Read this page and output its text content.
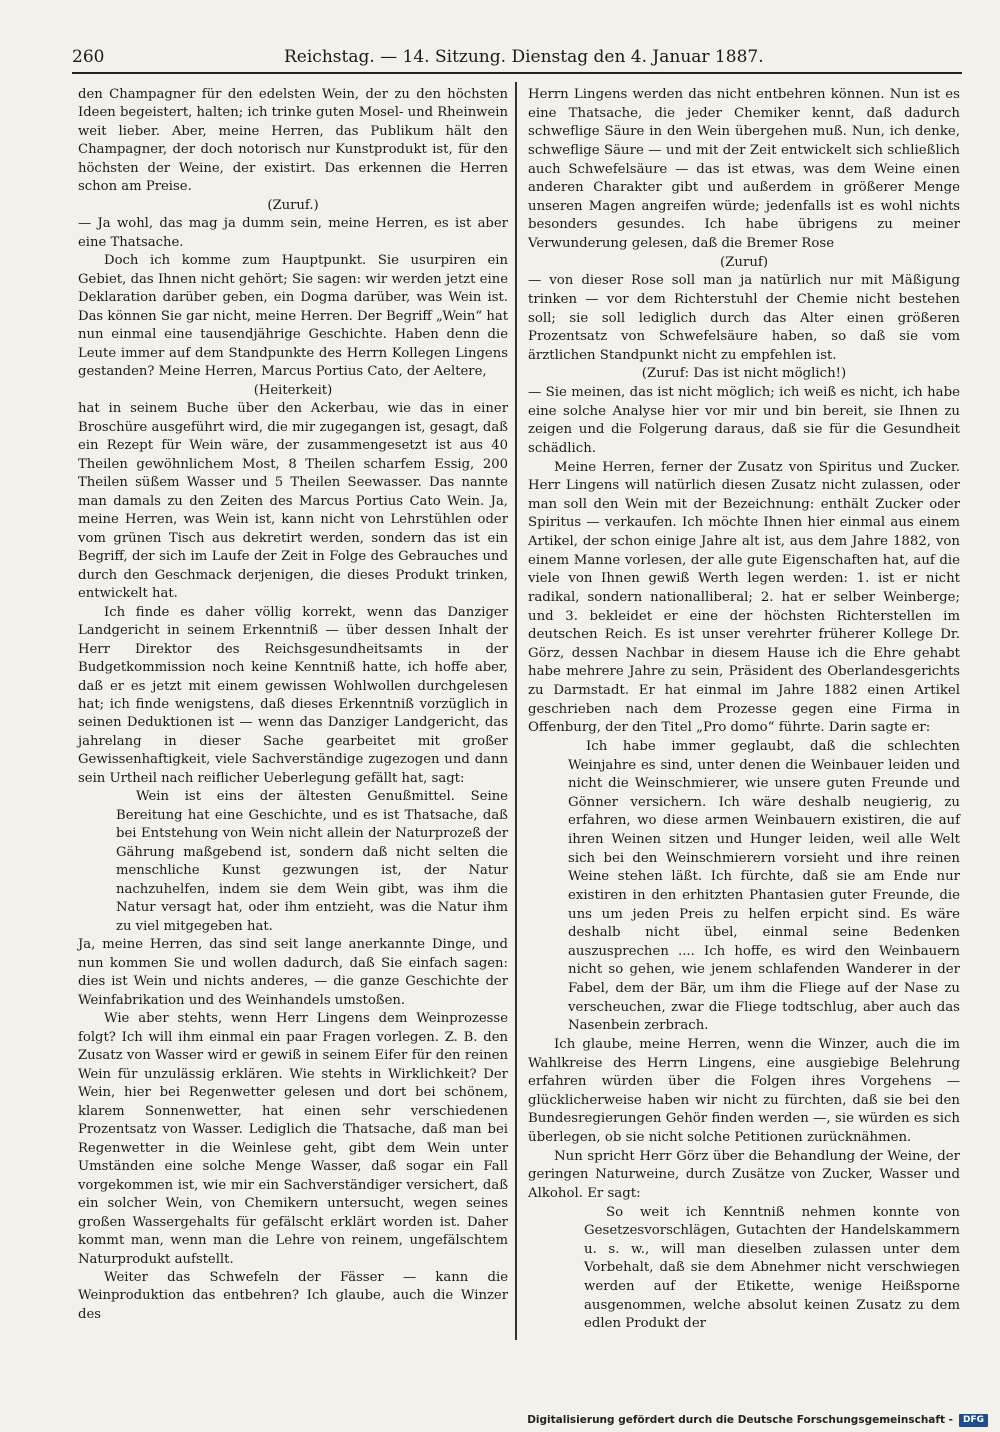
260	Reichstag. — 14. Sitzung. Dienstag den 4. Januar 1887.

den Champagner für den edelsten Wein, der zu den höchsten Ideen begeistert, halten; ich trinke guten Mosel- und Rheinwein weit lieber. Aber, meine Herren, das Publikum hält den Champagner, der doch notorisch nur Kunstprodukt ist, für den höchsten der Weine, der existirt. Das erkennen die Herren schon am Preise.

(Zuruf.)

— Ja wohl, das mag ja dumm sein, meine Herren, es ist aber eine Thatsache.

Doch ich komme zum Hauptpunkt. Sie usurpiren ein Gebiet, das Ihnen nicht gehört; Sie sagen: wir werden jetzt eine Deklaration darüber geben, ein Dogma darüber, was Wein ist. Das können Sie gar nicht, meine Herren. Der Begriff „Wein“ hat nun einmal eine tausendjährige Geschichte. Haben denn die Leute immer auf dem Standpunkte des Herrn Kollegen Lingens gestanden? Meine Herren, Marcus Portius Cato, der Aeltere,

(Heiterkeit)

hat in seinem Buche über den Ackerbau, wie das in einer Broschüre ausgeführt wird, die mir zugegangen ist, gesagt, daß ein Rezept für Wein wäre, der zusammengesetzt ist aus 40 Theilen gewöhnlichem Most, 8 Theilen scharfem Essig, 200 Theilen süßem Wasser und 5 Theilen Seewasser. Das nannte man damals zu den Zeiten des Marcus Portius Cato Wein. Ja, meine Herren, was Wein ist, kann nicht von Lehrstühlen oder vom grünen Tisch aus dekretirt werden, sondern das ist ein Begriff, der sich im Laufe der Zeit in Folge des Gebrauches und durch den Geschmack derjenigen, die dieses Produkt trinken, entwickelt hat.

Ich finde es daher völlig korrekt, wenn das Danziger Landgericht in seinem Erkenntniß — über dessen Inhalt der Herr Direktor des Reichsgesundheitsamts in der Budgetkommission noch keine Kenntniß hatte, ich hoffe aber, daß er es jetzt mit einem gewissen Wohlwollen durchgelesen hat; ich finde wenigstens, daß dieses Erkenntniß vorzüglich in seinen Deduktionen ist — wenn das Danziger Landgericht, das jahrelang in dieser Sache gearbeitet mit großer Gewissenhaftigkeit, viele Sachverständige zugezogen und dann sein Urtheil nach reiflicher Ueberlegung gefällt hat, sagt:

Wein ist eins der ältesten Genußmittel. Seine Bereitung hat eine Geschichte, und es ist Thatsache, daß bei Entstehung von Wein nicht allein der Naturprozeß der Gährung maßgebend ist, sondern daß nicht selten die menschliche Kunst gezwungen ist, der Natur nachzuhelfen, indem sie dem Wein gibt, was ihm die Natur versagt hat, oder ihm entzieht, was die Natur ihm zu viel mitgegeben hat.

Ja, meine Herren, das sind seit lange anerkannte Dinge, und nun kommen Sie und wollen dadurch, daß Sie einfach sagen: dies ist Wein und nichts anderes, — die ganze Geschichte der Weinfabrikation und des Weinhandels umstoßen.

Wie aber stehts, wenn Herr Lingens dem Weinprozesse folgt? Ich will ihm einmal ein paar Fragen vorlegen. Z. B. den Zusatz von Wasser wird er gewiß in seinem Eifer für den reinen Wein für unzulässig erklären. Wie stehts in Wirklichkeit? Der Wein, hier bei Regenwetter gelesen und dort bei schönem, klarem Sonnenwetter, hat einen sehr verschiedenen Prozentsatz von Wasser. Lediglich die Thatsache, daß man bei Regenwetter in die Weinlese geht, gibt dem Wein unter Umständen eine solche Menge Wasser, daß sogar ein Fall vorgekommen ist, wie mir ein Sachverständiger versichert, daß ein solcher Wein, von Chemikern untersucht, wegen seines großen Wassergehalts für gefälscht erklärt worden ist. Daher kommt man, wenn man die Lehre von reinem, ungefälschtem Naturprodukt aufstellt.

Weiter das Schwefeln der Fässer — kann die Weinproduktion das entbehren? Ich glaube, auch die Winzer des

Herrn Lingens werden das nicht entbehren können. Nun ist es eine Thatsache, die jeder Chemiker kennt, daß dadurch schweflige Säure in den Wein übergehen muß. Nun, ich denke, schweflige Säure — und mit der Zeit entwickelt sich schließlich auch Schwefelsäure — das ist etwas, was dem Weine einen anderen Charakter gibt und außerdem in größerer Menge unseren Magen angreifen würde; jedenfalls ist es wohl nichts besonders gesundes. Ich habe übrigens zu meiner Verwunderung gelesen, daß die Bremer Rose

(Zuruf)

— von dieser Rose soll man ja natürlich nur mit Mäßigung trinken — vor dem Richterstuhl der Chemie nicht bestehen soll; sie soll lediglich durch das Alter einen größeren Prozentsatz von Schwefelsäure haben, so daß sie vom ärztlichen Standpunkt nicht zu empfehlen ist.

(Zuruf: Das ist nicht möglich!)

— Sie meinen, das ist nicht möglich; ich weiß es nicht, ich habe eine solche Analyse hier vor mir und bin bereit, sie Ihnen zu zeigen und die Folgerung daraus, daß sie für die Gesundheit schädlich.

Meine Herren, ferner der Zusatz von Spiritus und Zucker. Herr Lingens will natürlich diesen Zusatz nicht zulassen, oder man soll den Wein mit der Bezeichnung: enthält Zucker oder Spiritus — verkaufen. Ich möchte Ihnen hier einmal aus einem Artikel, der schon einige Jahre alt ist, aus dem Jahre 1882, von einem Manne vorlesen, der alle gute Eigenschaften hat, auf die viele von Ihnen gewiß Werth legen werden: 1. ist er nicht radikal, sondern nationalliberal; 2. hat er selber Weinberge; und 3. bekleidet er eine der höchsten Richterstellen im deutschen Reich. Es ist unser verehrter früherer Kollege Dr. Görz, dessen Nachbar in diesem Hause ich die Ehre gehabt habe mehrere Jahre zu sein, Präsident des Oberlandesgerichts zu Darmstadt. Er hat einmal im Jahre 1882 einen Artikel geschrieben nach dem Prozesse gegen eine Firma in Offenburg, der den Titel „Pro domo“ führte. Darin sagte er:

Ich habe immer geglaubt, daß die schlechten Weinjahre es sind, unter denen die Weinbauer leiden und nicht die Weinschmierer, wie unsere guten Freunde und Gönner versichern. Ich wäre deshalb neugierig, zu erfahren, wo diese armen Weinbauern existiren, die auf ihren Weinen sitzen und Hunger leiden, weil alle Welt sich bei den Weinschmierern vorsieht und ihre reinen Weine stehen läßt. Ich fürchte, daß sie am Ende nur existiren in den erhitzten Phantasien guter Freunde, die uns um jeden Preis zu helfen erpicht sind. Es wäre deshalb nicht übel, einmal seine Bedenken auszusprechen .... Ich hoffe, es wird den Weinbauern nicht so gehen, wie jenem schlafenden Wanderer in der Fabel, dem der Bär, um ihm die Fliege auf der Nase zu verscheuchen, zwar die Fliege todtschlug, aber auch das Nasenbein zerbrach.

Ich glaube, meine Herren, wenn die Winzer, auch die im Wahlkreise des Herrn Lingens, eine ausgiebige Belehrung erfahren würden über die Folgen ihres Vorgehens — glücklicherweise haben wir nicht zu fürchten, daß sie bei den Bundesregierungen Gehör finden werden —, sie würden es sich überlegen, ob sie nicht solche Petitionen zurücknähmen.

Nun spricht Herr Görz über die Behandlung der Weine, der geringen Naturweine, durch Zusätze von Zucker, Wasser und Alkohol. Er sagt:

So weit ich Kenntniß nehmen konnte von Gesetzesvorschlägen, Gutachten der Handelskammern u. s. w., will man dieselben zulassen unter dem Vorbehalt, daß sie dem Abnehmer nicht verschwiegen werden auf der Etikette, wenige Heißsporne ausgenommen, welche absolut keinen Zusatz zu dem edlen Produkt der

Digitalisierung gefördert durch die Deutsche Forschungsgemeinschaft - DFG
